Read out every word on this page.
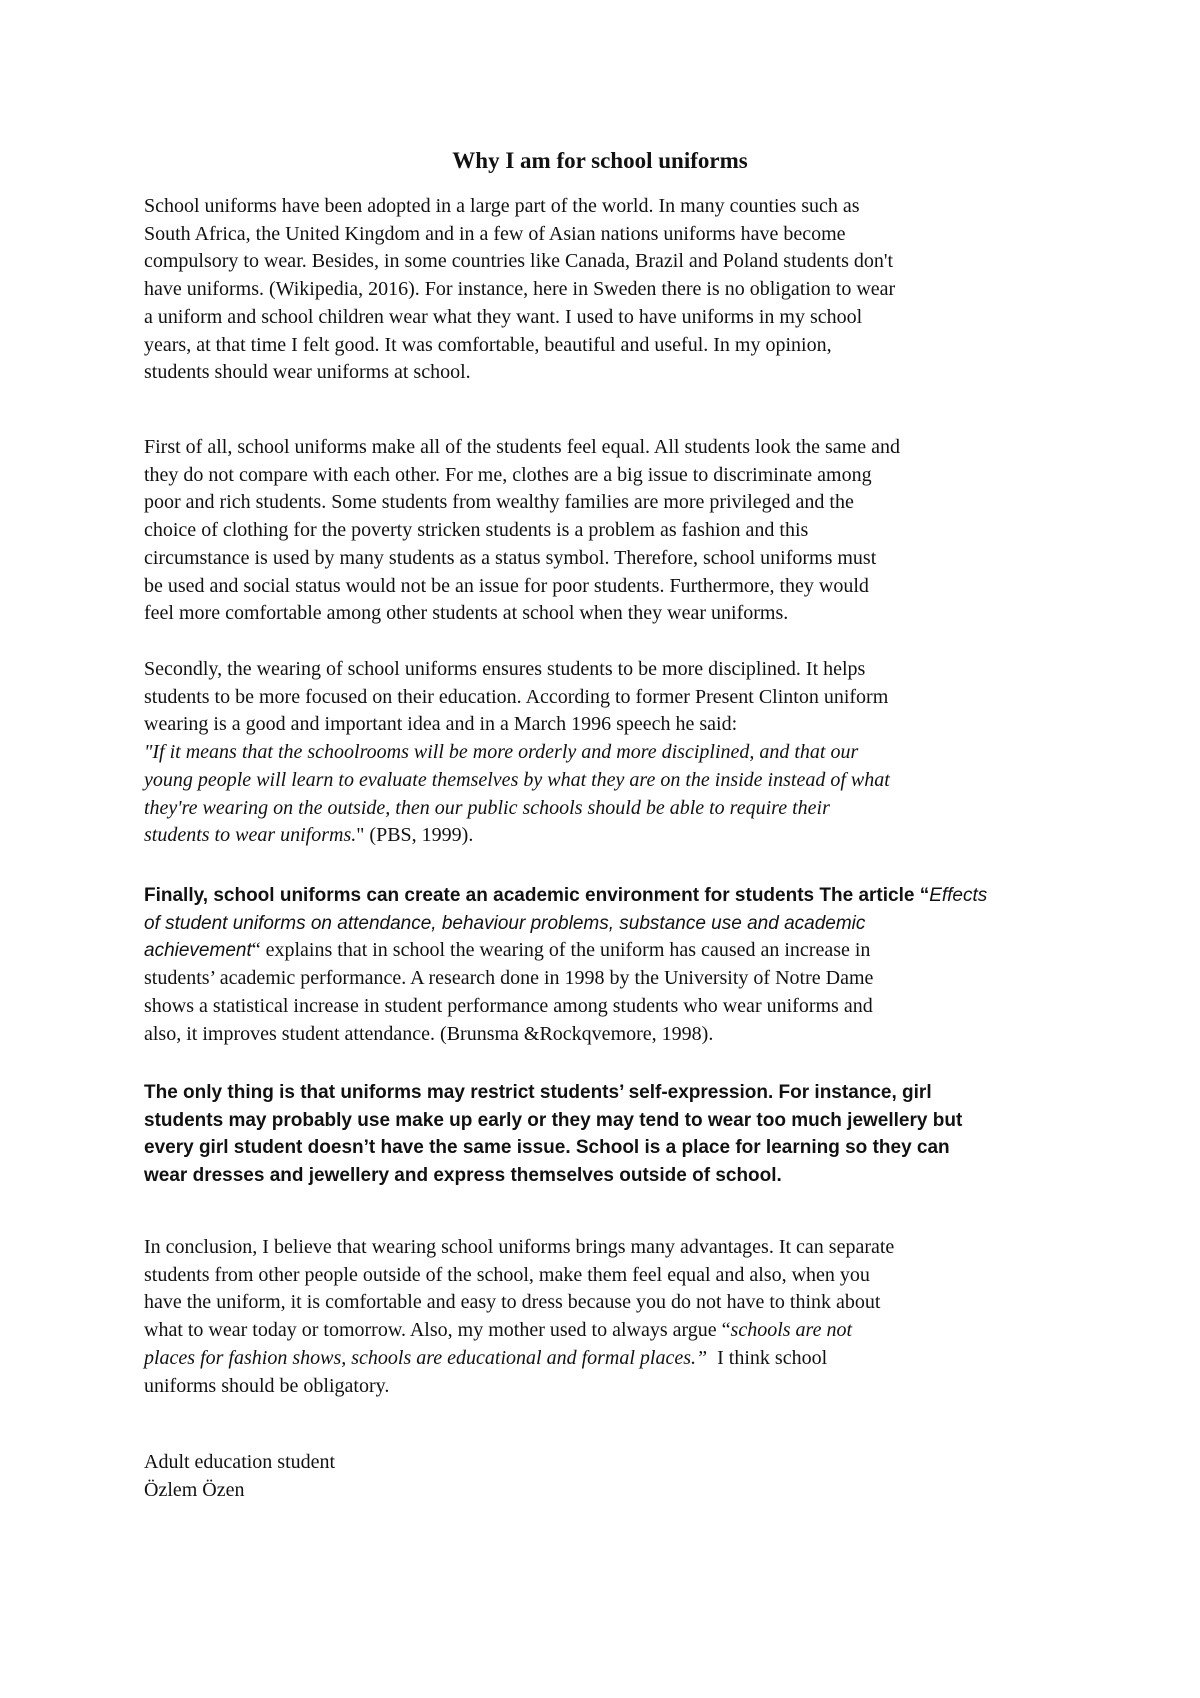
Why I am for school uniforms

School uniforms have been adopted in a large part of the world. In many counties such as
South Africa, the United Kingdom and in a few of Asian nations uniforms have become
compulsory to wear. Besides, in some countries like Canada, Brazil and Poland students don't
have uniforms. (Wikipedia, 2016). For instance, here in Sweden there is no obligation to wear
a uniform and school children wear what they want. I used to have uniforms in my school
years, at that time I felt good. It was comfortable, beautiful and useful. In my opinion,
students should wear uniforms at school.

First of all, school uniforms make all of the students feel equal. All students look the same and
they do not compare with each other. For me, clothes are a big issue to discriminate among
poor and rich students. Some students from wealthy families are more privileged and the
choice of clothing for the poverty stricken students is a problem as fashion and this
circumstance is used by many students as a status symbol. Therefore, school uniforms must
be used and social status would not be an issue for poor students. Furthermore, they would
feel more comfortable among other students at school when they wear uniforms.

Secondly, the wearing of school uniforms ensures students to be more disciplined. It helps
students to be more focused on their education. According to former Present Clinton uniform
wearing is a good and important idea and in a March 1996 speech he said:
"If it means that the schoolrooms will be more orderly and more disciplined, and that our
young people will learn to evaluate themselves by what they are on the inside instead of what
they're wearing on the outside, then our public schools should be able to require their
students to wear uniforms." (PBS, 1999).

Finally, school uniforms can create an academic environment for students The article “Effects
of student uniforms on attendance, behaviour problems, substance use and academic
achievement“ explains that in school the wearing of the uniform has caused an increase in
students’ academic performance. A research done in 1998 by the University of Notre Dame
shows a statistical increase in student performance among students who wear uniforms and
also, it improves student attendance. (Brunsma &Rockqvemore, 1998).

The only thing is that uniforms may restrict students’ self-expression. For instance, girl
students may probably use make up early or they may tend to wear too much jewellery but
every girl student doesn’t have the same issue. School is a place for learning so they can
wear dresses and jewellery and express themselves outside of school.

In conclusion, I believe that wearing school uniforms brings many advantages. It can separate
students from other people outside of the school, make them feel equal and also, when you
have the uniform, it is comfortable and easy to dress because you do not have to think about
what to wear today or tomorrow. Also, my mother used to always argue “schools are not
places for fashion shows, schools are educational and formal places.”  I think school
uniforms should be obligatory.

Adult education student
Özlem Özen
